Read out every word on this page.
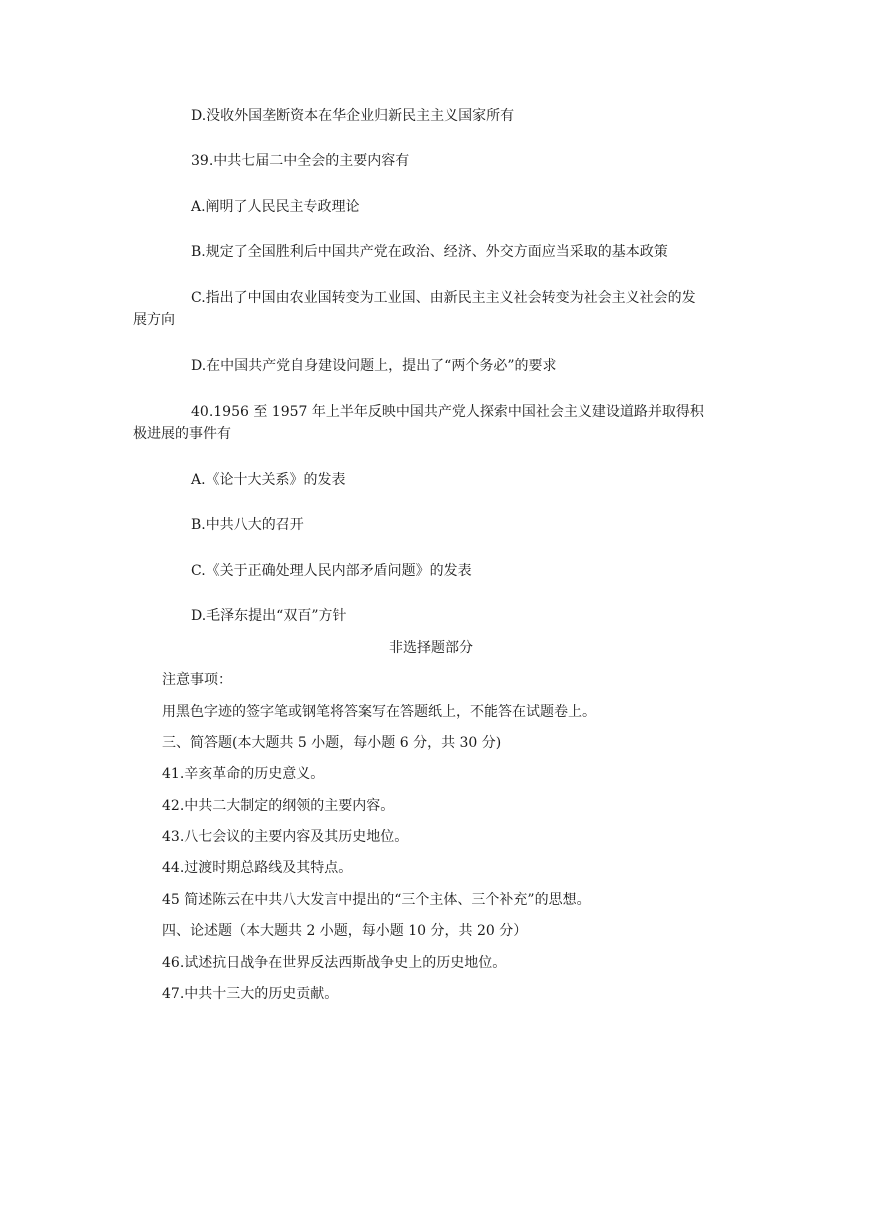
D.没收外国垄断资本在华企业归新民主主义国家所有
39.中共七届二中全会的主要内容有
A.阐明了人民民主专政理论
B.规定了全国胜利后中国共产党在政治、经济、外交方面应当采取的基本政策
C.指出了中国由农业国转变为工业国、由新民主主义社会转变为社会主义社会的发
展方向
D.在中国共产党自身建设问题上，提出了“两个务必”的要求
40.1956 至 1957 年上半年反映中国共产党人探索中国社会主义建设道路并取得积
极进展的事件有
A.《论十大关系》的发表
B.中共八大的召开
C.《关于正确处理人民内部矛盾问题》的发表
D.毛泽东提出“双百”方针
非选择题部分
注意事项：
用黑色字迹的签字笔或钢笔将答案写在答题纸上，不能答在试题卷上。
三、简答题(本大题共 5 小题，每小题 6 分，共 30 分)
41.辛亥革命的历史意义。
42.中共二大制定的纲领的主要内容。
43.八七会议的主要内容及其历史地位。
44.过渡时期总路线及其特点。
45 简述陈云在中共八大发言中提出的“三个主体、三个补充”的思想。
四、论述题（本大题共 2 小题，每小题 10 分，共 20 分）
46.试述抗日战争在世界反法西斯战争史上的历史地位。
47.中共十三大的历史贡献。
